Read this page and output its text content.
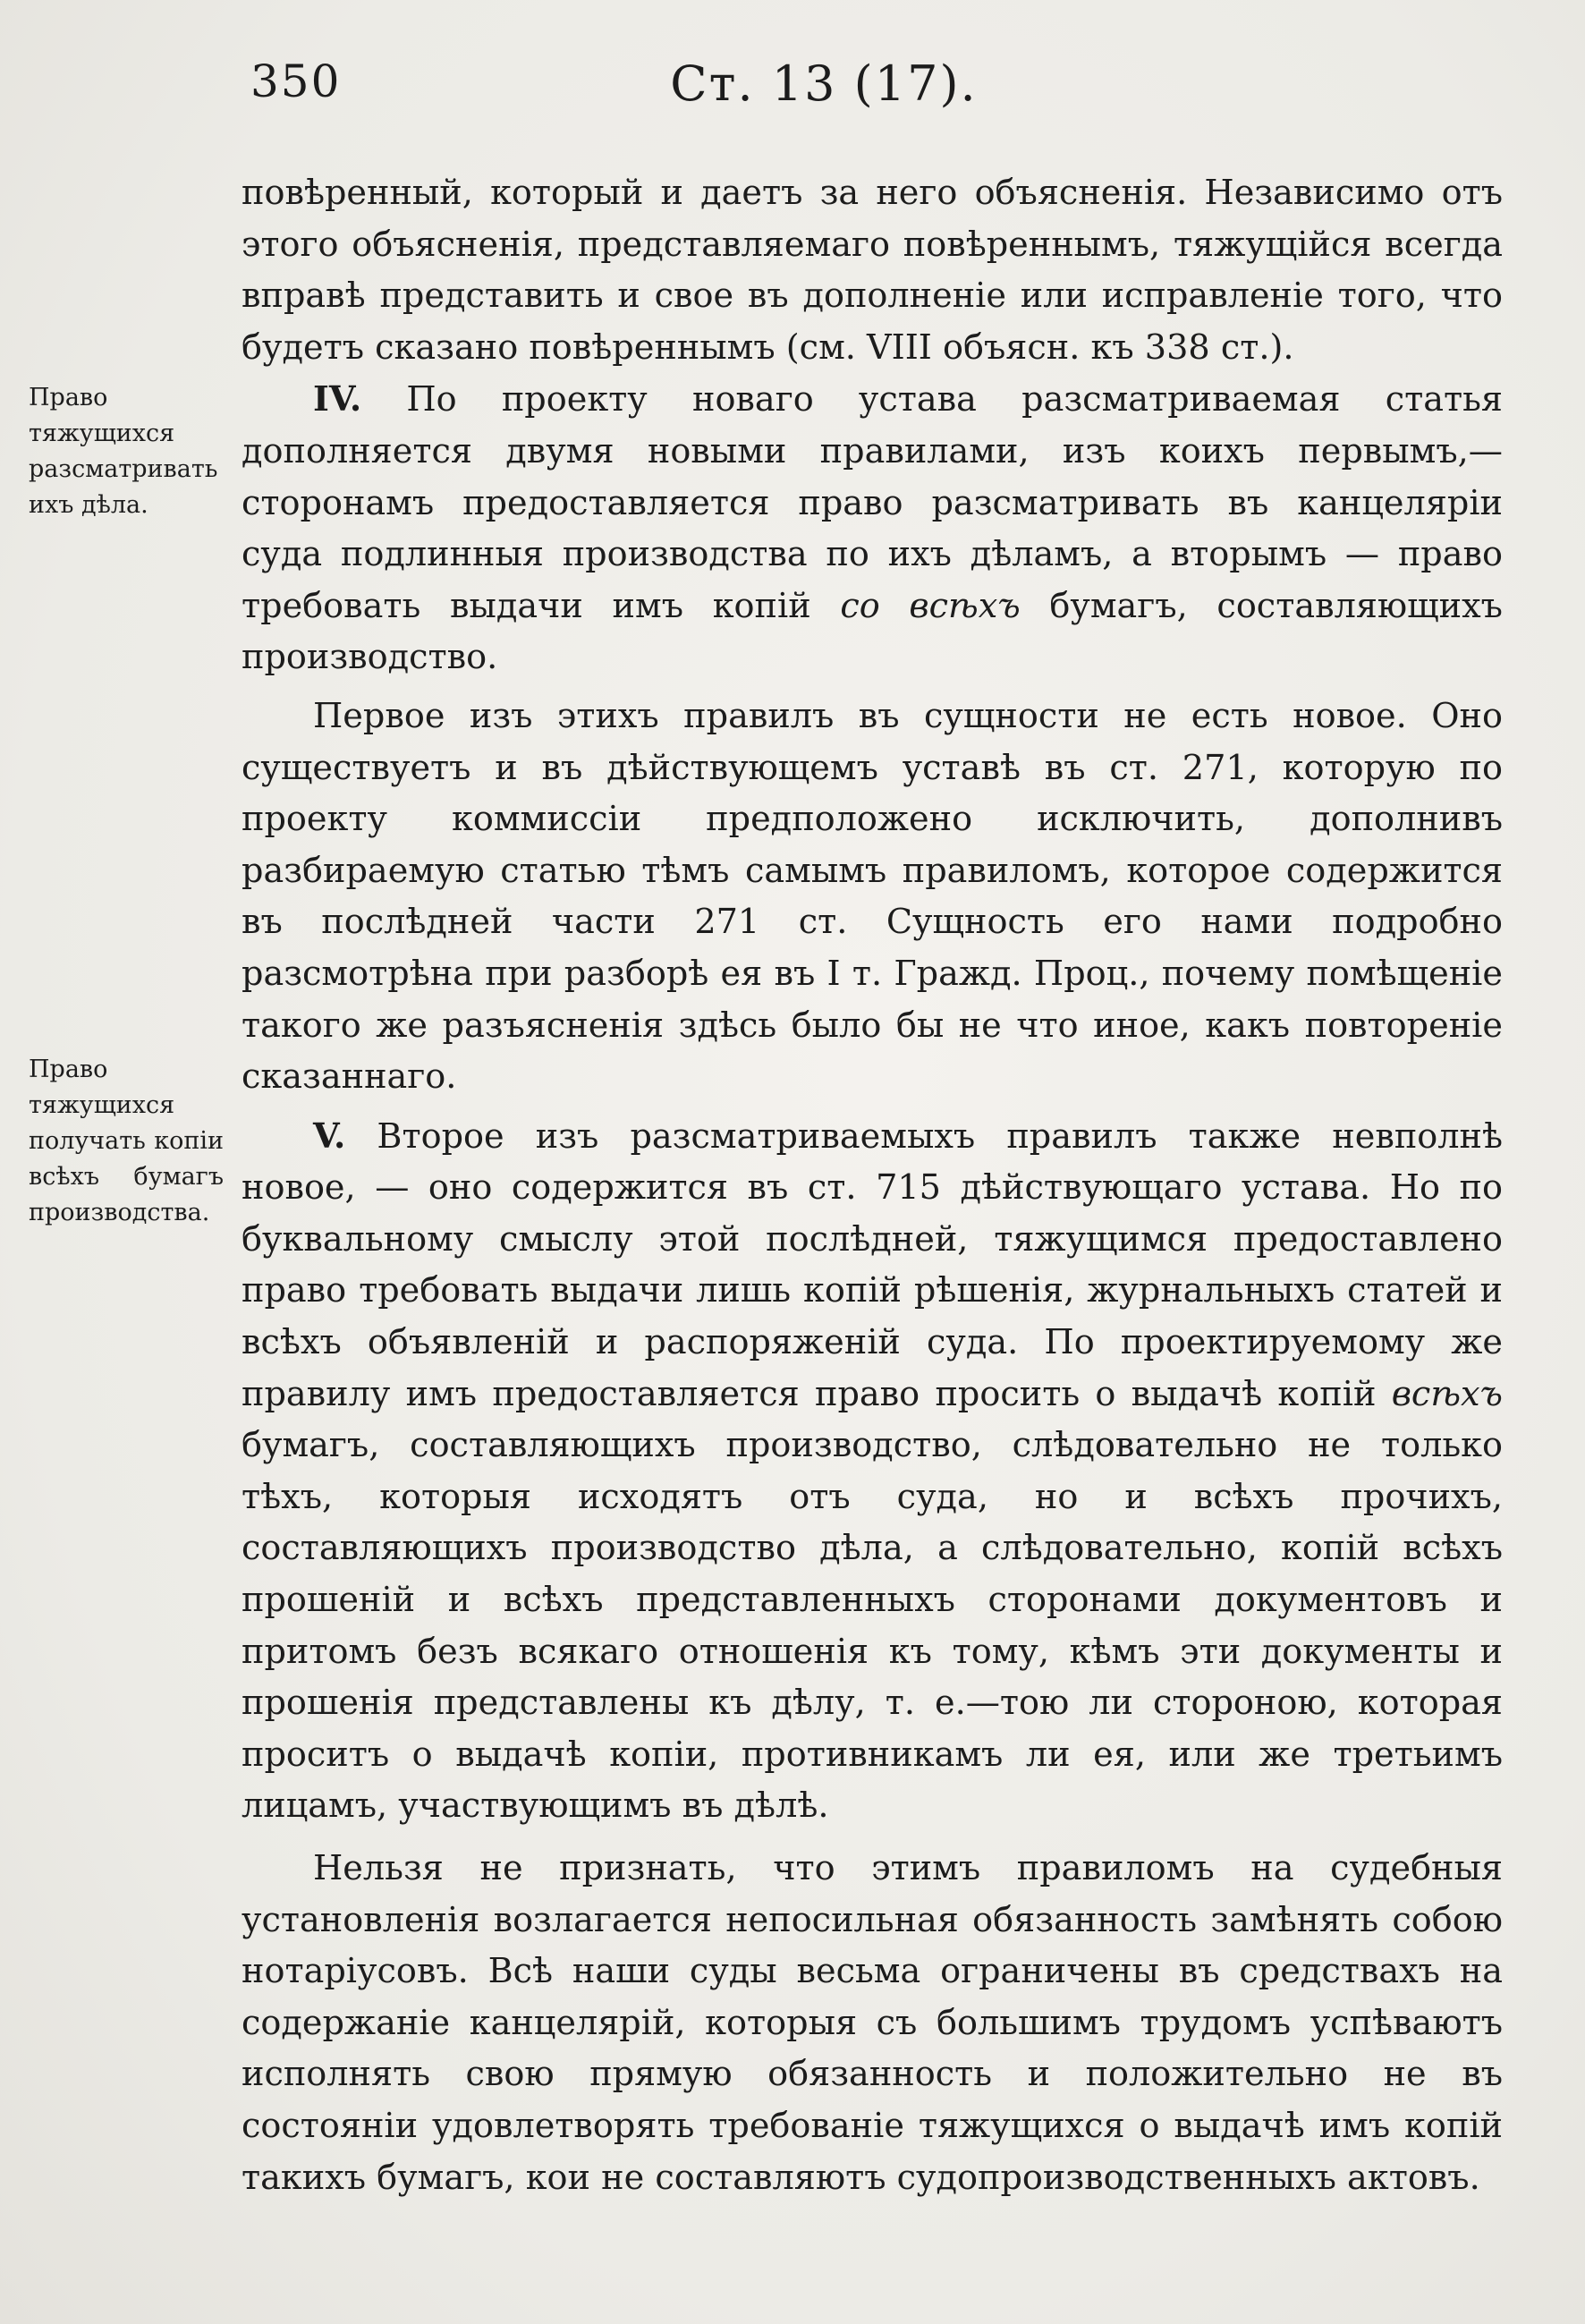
350	Ст. 13 (17).
Право тяжущихся разсматривать ихъ дѣла.
Право тяжущихся получать копіи всѣхъ бумагъ производства.

повѣренный, который и даетъ за него объясненія. Независимо отъ этого объясненія, представляемаго повѣреннымъ, тяжущійся всегда вправѣ представить и свое въ дополненіе или исправленіе того, что будетъ сказано повѣреннымъ (см. VIII объясн. къ 338 ст.).

IV. По проекту новаго устава разсматриваемая статья дополняется двумя новыми правилами, изъ коихъ первымъ,—сторонамъ предоставляется право разсматривать въ канцеляріи суда подлинныя производства по ихъ дѣламъ, а вторымъ — право требовать выдачи имъ копій со всѣхъ бумагъ, составляющихъ производство.

Первое изъ этихъ правилъ въ сущности не есть новое. Оно существуетъ и въ дѣйствующемъ уставѣ въ ст. 271, которую по проекту коммиссіи предположено исключить, дополнивъ разбираемую статью тѣмъ самымъ правиломъ, которое содержится въ послѣдней части 271 ст. Сущность его нами подробно разсмотрѣна при разборѣ ея въ I т. Гражд. Проц., почему помѣщеніе такого же разъясненія здѣсь было бы не что иное, какъ повтореніе сказаннаго.

V. Второе изъ разсматриваемыхъ правилъ также невполнѣ новое, — оно содержится въ ст. 715 дѣйствующаго устава. Но по буквальному смыслу этой послѣдней, тяжущимся предоставлено право требовать выдачи лишь копій рѣшенія, журнальныхъ статей и всѣхъ объявленій и распоряженій суда. По проектируемому же правилу имъ предоставляется право просить о выдачѣ копій всѣхъ бумагъ, составляющихъ производство, слѣдовательно не только тѣхъ, которыя исходятъ отъ суда, но и всѣхъ прочихъ, составляющихъ производство дѣла, а слѣдовательно, копій всѣхъ прошеній и всѣхъ представленныхъ сторонами документовъ и притомъ безъ всякаго отношенія къ тому, кѣмъ эти документы и прошенія представлены къ дѣлу, т. е.—тою ли стороною, которая проситъ о выдачѣ копіи, противникамъ ли ея, или же третьимъ лицамъ, участвующимъ въ дѣлѣ.

Нельзя не признать, что этимъ правиломъ на судебныя установленія возлагается непосильная обязанность замѣнять собою нотаріусовъ. Всѣ наши суды весьма ограничены въ средствахъ на содержаніе канцелярій, которыя съ большимъ трудомъ успѣваютъ исполнять свою прямую обязанность и положительно не въ состояніи удовлетворять требованіе тяжущихся о выдачѣ имъ копій такихъ бумагъ, кои не составляютъ судопроизводственныхъ актовъ.
